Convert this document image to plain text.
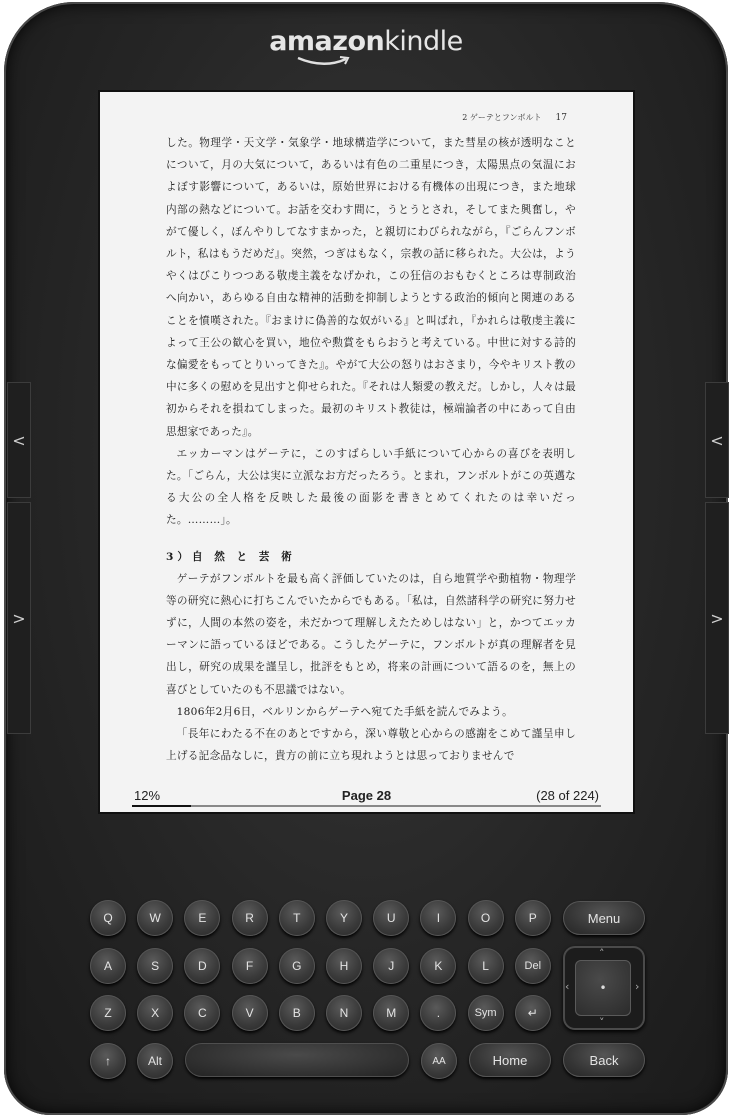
amazonkindle
<
>
<
>
2 ゲーテとフンボルト 17

した。物理学・天文学・気象学・地球構造学について，また彗星の核が透明なことについて，月の大気について，あるいは有色の二重星につき，太陽黒点の気温におよぼす影響について，あるいは，原始世界における有機体の出現につき，また地球内部の熱などについて。お話を交わす間に，うとうとされ，そしてまた興奮し，やがて優しく，ぼんやりしてなすまかった，と親切にわびられながら，『ごらんフンボルト，私はもうだめだ』。突然，つぎはもなく，宗教の話に移られた。大公は，ようやくはびこりつつある敬虔主義をなげかれ，この狂信のおもむくところは専制政治へ向かい，あらゆる自由な精神的活動を抑制しようとする政治的傾向と関連のあることを憤嘆された。『おまけに偽善的な奴がいる』と叫ばれ，『かれらは敬虔主義によって王公の歓心を買い，地位や勲賞をもらおうと考えている。中世に対する詩的な偏愛をもってとりいってきた』。やがて大公の怒りはおさまり，今やキリスト教の中に多くの慰めを見出すと仰せられた。『それは人類愛の教えだ。しかし，人々は最初からそれを損ねてしまった。最初のキリスト教徒は，極端論者の中にあって自由思想家であった』。

エッカーマンはゲーテに，このすばらしい手紙について心からの喜びを表明した。「ごらん，大公は実に立派なお方だったろう。とまれ，フンボルトがこの英邁なる大公の全人格を反映した最後の面影を書きとめてくれたのは幸いだった。………」。

3）自 然 と 芸 術

ゲーテがフンボルトを最も高く評価していたのは，自ら地質学や動植物・物理学等の研究に熱心に打ちこんでいたからでもある。「私は，自然諸科学の研究に努力せずに，人間の本然の姿を，未だかつて理解しえたためしはない」と，かつてエッカーマンに語っているほどである。こうしたゲーテに，フンボルトが真の理解者を見出し，研究の成果を謹呈し，批評をもとめ，将来の計画について語るのを，無上の喜びとしていたのも不思議ではない。

1806年2月6日，ベルリンからゲーテへ宛てた手紙を読んでみよう。

「長年にわたる不在のあとですから，深い尊敬と心からの感謝をこめて謹呈申し上げる記念品なしに，貴方の前に立ち現れようとは思っておりませんで

12%	Page 28	(28 of 224)
Menu
↑	Alt	AA	Home	Back
˄
˅
‹	›
•
Q	W	E	R	T	Y	U	I	O	P
A	S	D	F	G	H	J	K	L	Del
Z	X	C	V	B	N	M	.	Sym	↵
